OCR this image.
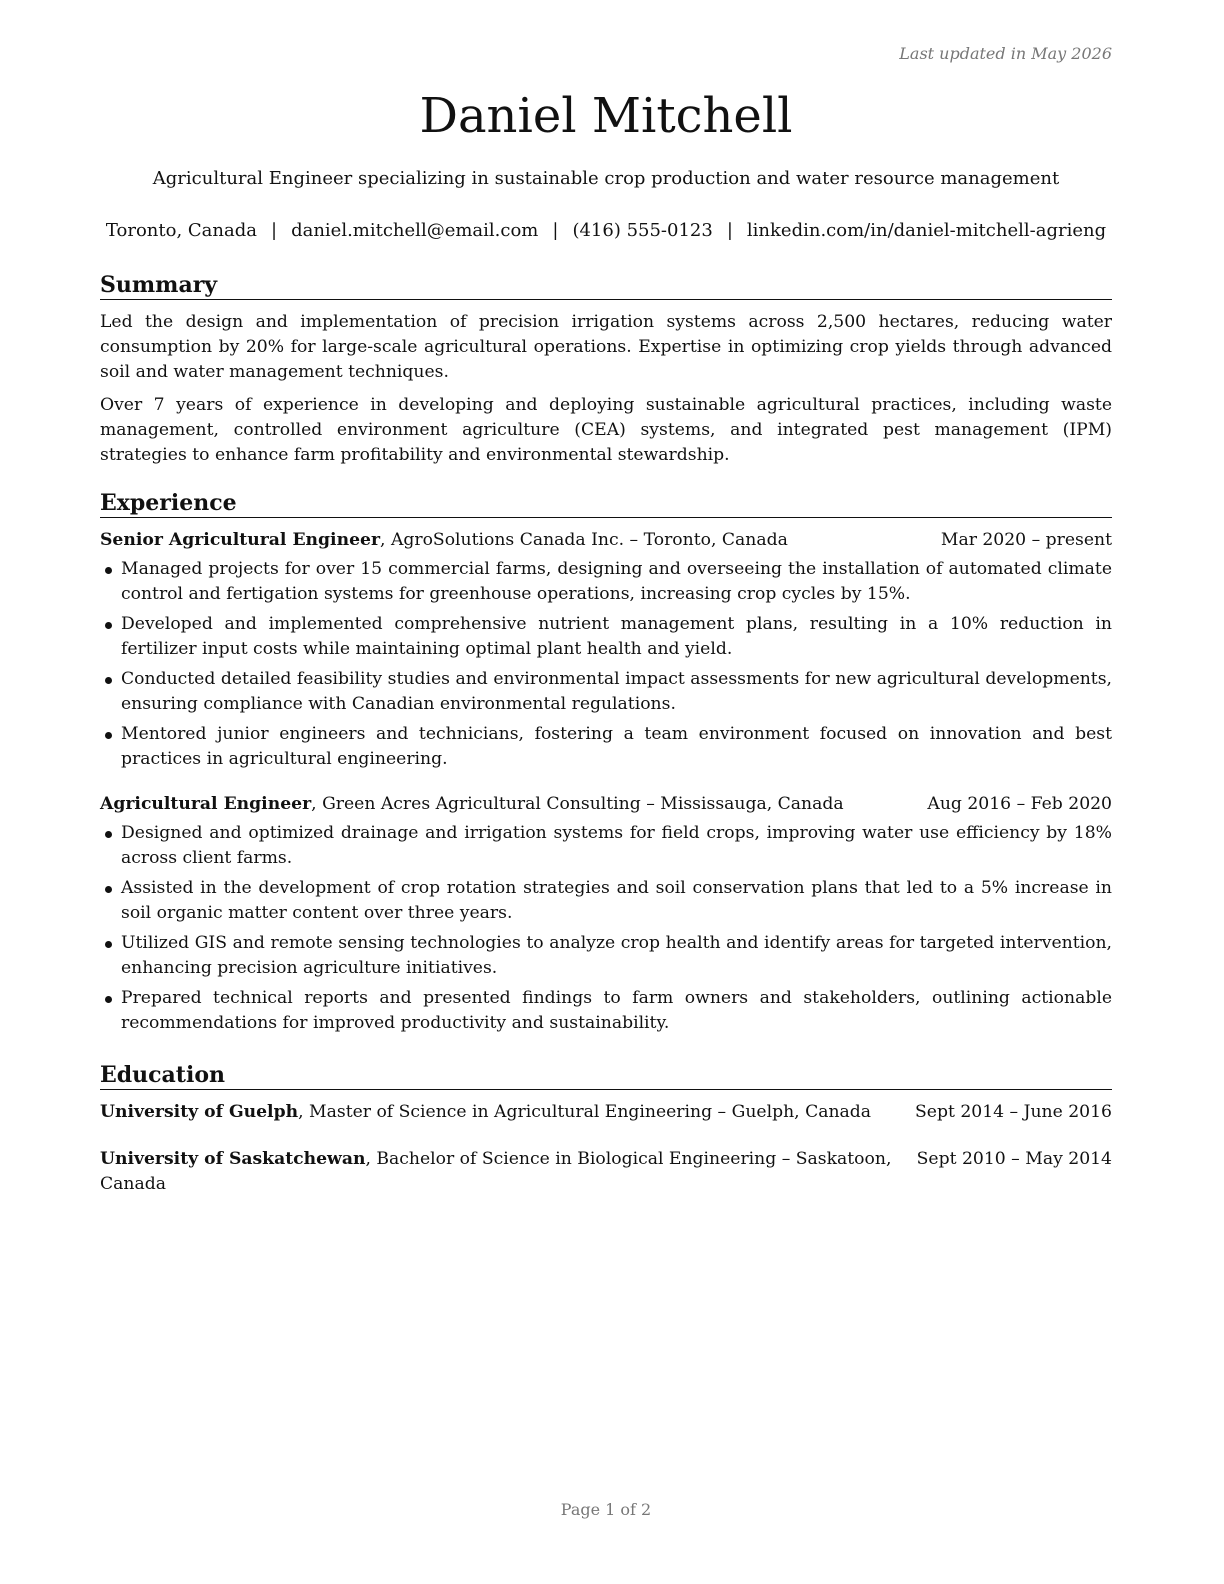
Last updated in May 2026
Daniel Mitchell
Agricultural Engineer specializing in sustainable crop production and water resource management
Toronto, Canada | daniel.mitchell@email.com | (416) 555-0123 | linkedin.com/in/daniel-mitchell-agrieng
Summary

Led the design and implementation of precision irrigation systems across 2,500 hectares, reducing water consumption by 20% for large-scale agricultural operations. Expertise in optimizing crop yields through advanced soil and water management techniques.

Over 7 years of experience in developing and deploying sustainable agricultural practices, including waste management, controlled environment agriculture (CEA) systems, and integrated pest management (IPM) strategies to enhance farm profitability and environmental stewardship.

Experience
Senior Agricultural Engineer, AgroSolutions Canada Inc. – Toronto, Canada	Mar 2020 – present
Managed projects for over 15 commercial farms, designing and overseeing the installation of automated climate control and fertigation systems for greenhouse operations, increasing crop cycles by 15%.
Developed and implemented comprehensive nutrient management plans, resulting in a 10% reduction in fertilizer input costs while maintaining optimal plant health and yield.
Conducted detailed feasibility studies and environmental impact assessments for new agricultural developments, ensuring compliance with Canadian environmental regulations.
Mentored junior engineers and technicians, fostering a team environment focused on innovation and best practices in agricultural engineering.
Agricultural Engineer, Green Acres Agricultural Consulting – Mississauga, Canada	Aug 2016 – Feb 2020
Designed and optimized drainage and irrigation systems for field crops, improving water use efficiency by 18% across client farms.
Assisted in the development of crop rotation strategies and soil conservation plans that led to a 5% increase in soil organic matter content over three years.
Utilized GIS and remote sensing technologies to analyze crop health and identify areas for targeted intervention, enhancing precision agriculture initiatives.
Prepared technical reports and presented findings to farm owners and stakeholders, outlining actionable recommendations for improved productivity and sustainability.
Education
University of Guelph, Master of Science in Agricultural Engineering – Guelph, Canada	Sept 2014 – June 2016
University of Saskatchewan, Bachelor of Science in Biological Engineering – Saskatoon, Canada
Sept 2010 – May 2014
Page 1 of 2
